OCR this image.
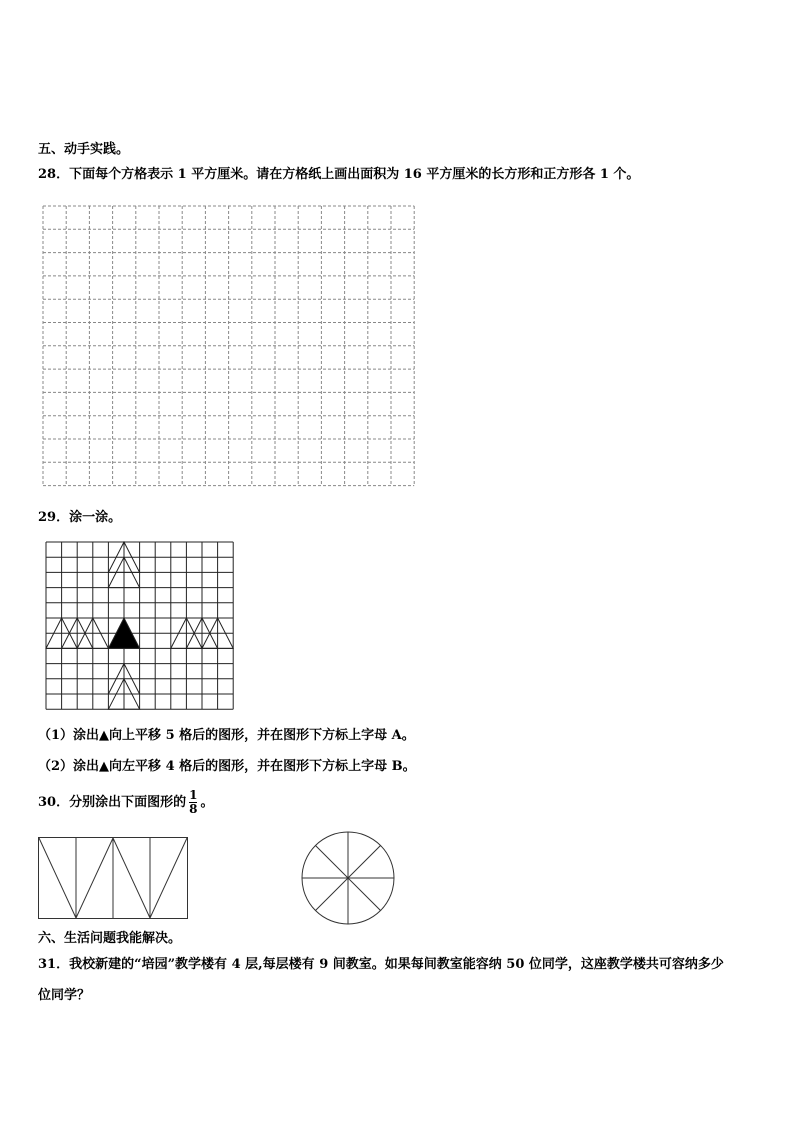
五、动手实践。
28．下面每个方格表示 1 平方厘米。请在方格纸上画出面积为 16 平方厘米的长方形和正方形各 1 个。
29．涂一涂。
（1）涂出▲向上平移 5 格后的图形，并在图形下方标上字母 A。
（2）涂出▲向左平移 4 格后的图形，并在图形下方标上字母 B。
30．分别涂出下面图形的 $\frac{1}{8}$ 。
六、生活问题我能解决。
31．我校新建的“培园”教学楼有 4 层,每层楼有 9 间教室。如果每间教室能容纳 50 位同学，这座教学楼共可容纳多少
位同学？
